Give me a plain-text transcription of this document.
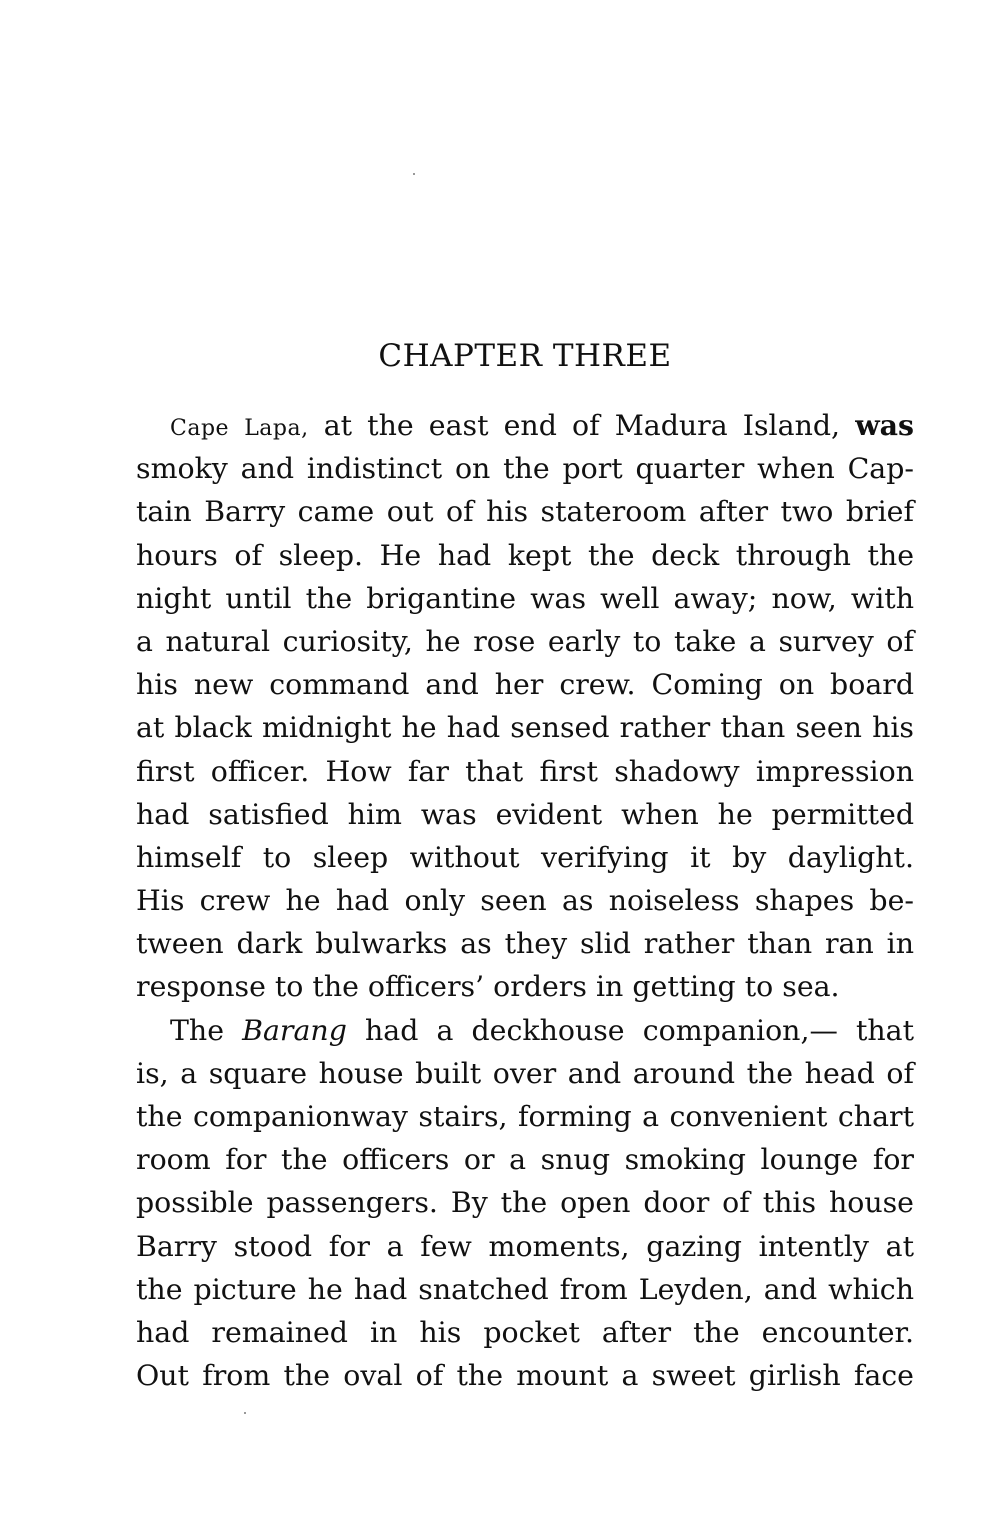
CHAPTER THREE
Cape Lapa, at the east end of Madura Island, was
smoky and indistinct on the port quarter when Cap-
tain Barry came out of his stateroom after two brief
hours of sleep. He had kept the deck through the
night until the brigantine was well away; now, with
a natural curiosity, he rose early to take a survey of
his new command and her crew. Coming on board
at black midnight he had sensed rather than seen his
first officer. How far that first shadowy impression
had satisfied him was evident when he permitted
himself to sleep without verifying it by daylight.
His crew he had only seen as noiseless shapes be-
tween dark bulwarks as they slid rather than ran in
response to the officers’ orders in getting to sea.
The Barang had a deckhouse companion,— that
is, a square house built over and around the head of
the companionway stairs, forming a convenient chart
room for the officers or a snug smoking lounge for
possible passengers. By the open door of this house
Barry stood for a few moments, gazing intently at
the picture he had snatched from Leyden, and which
had remained in his pocket after the encounter.
Out from the oval of the mount a sweet girlish face
